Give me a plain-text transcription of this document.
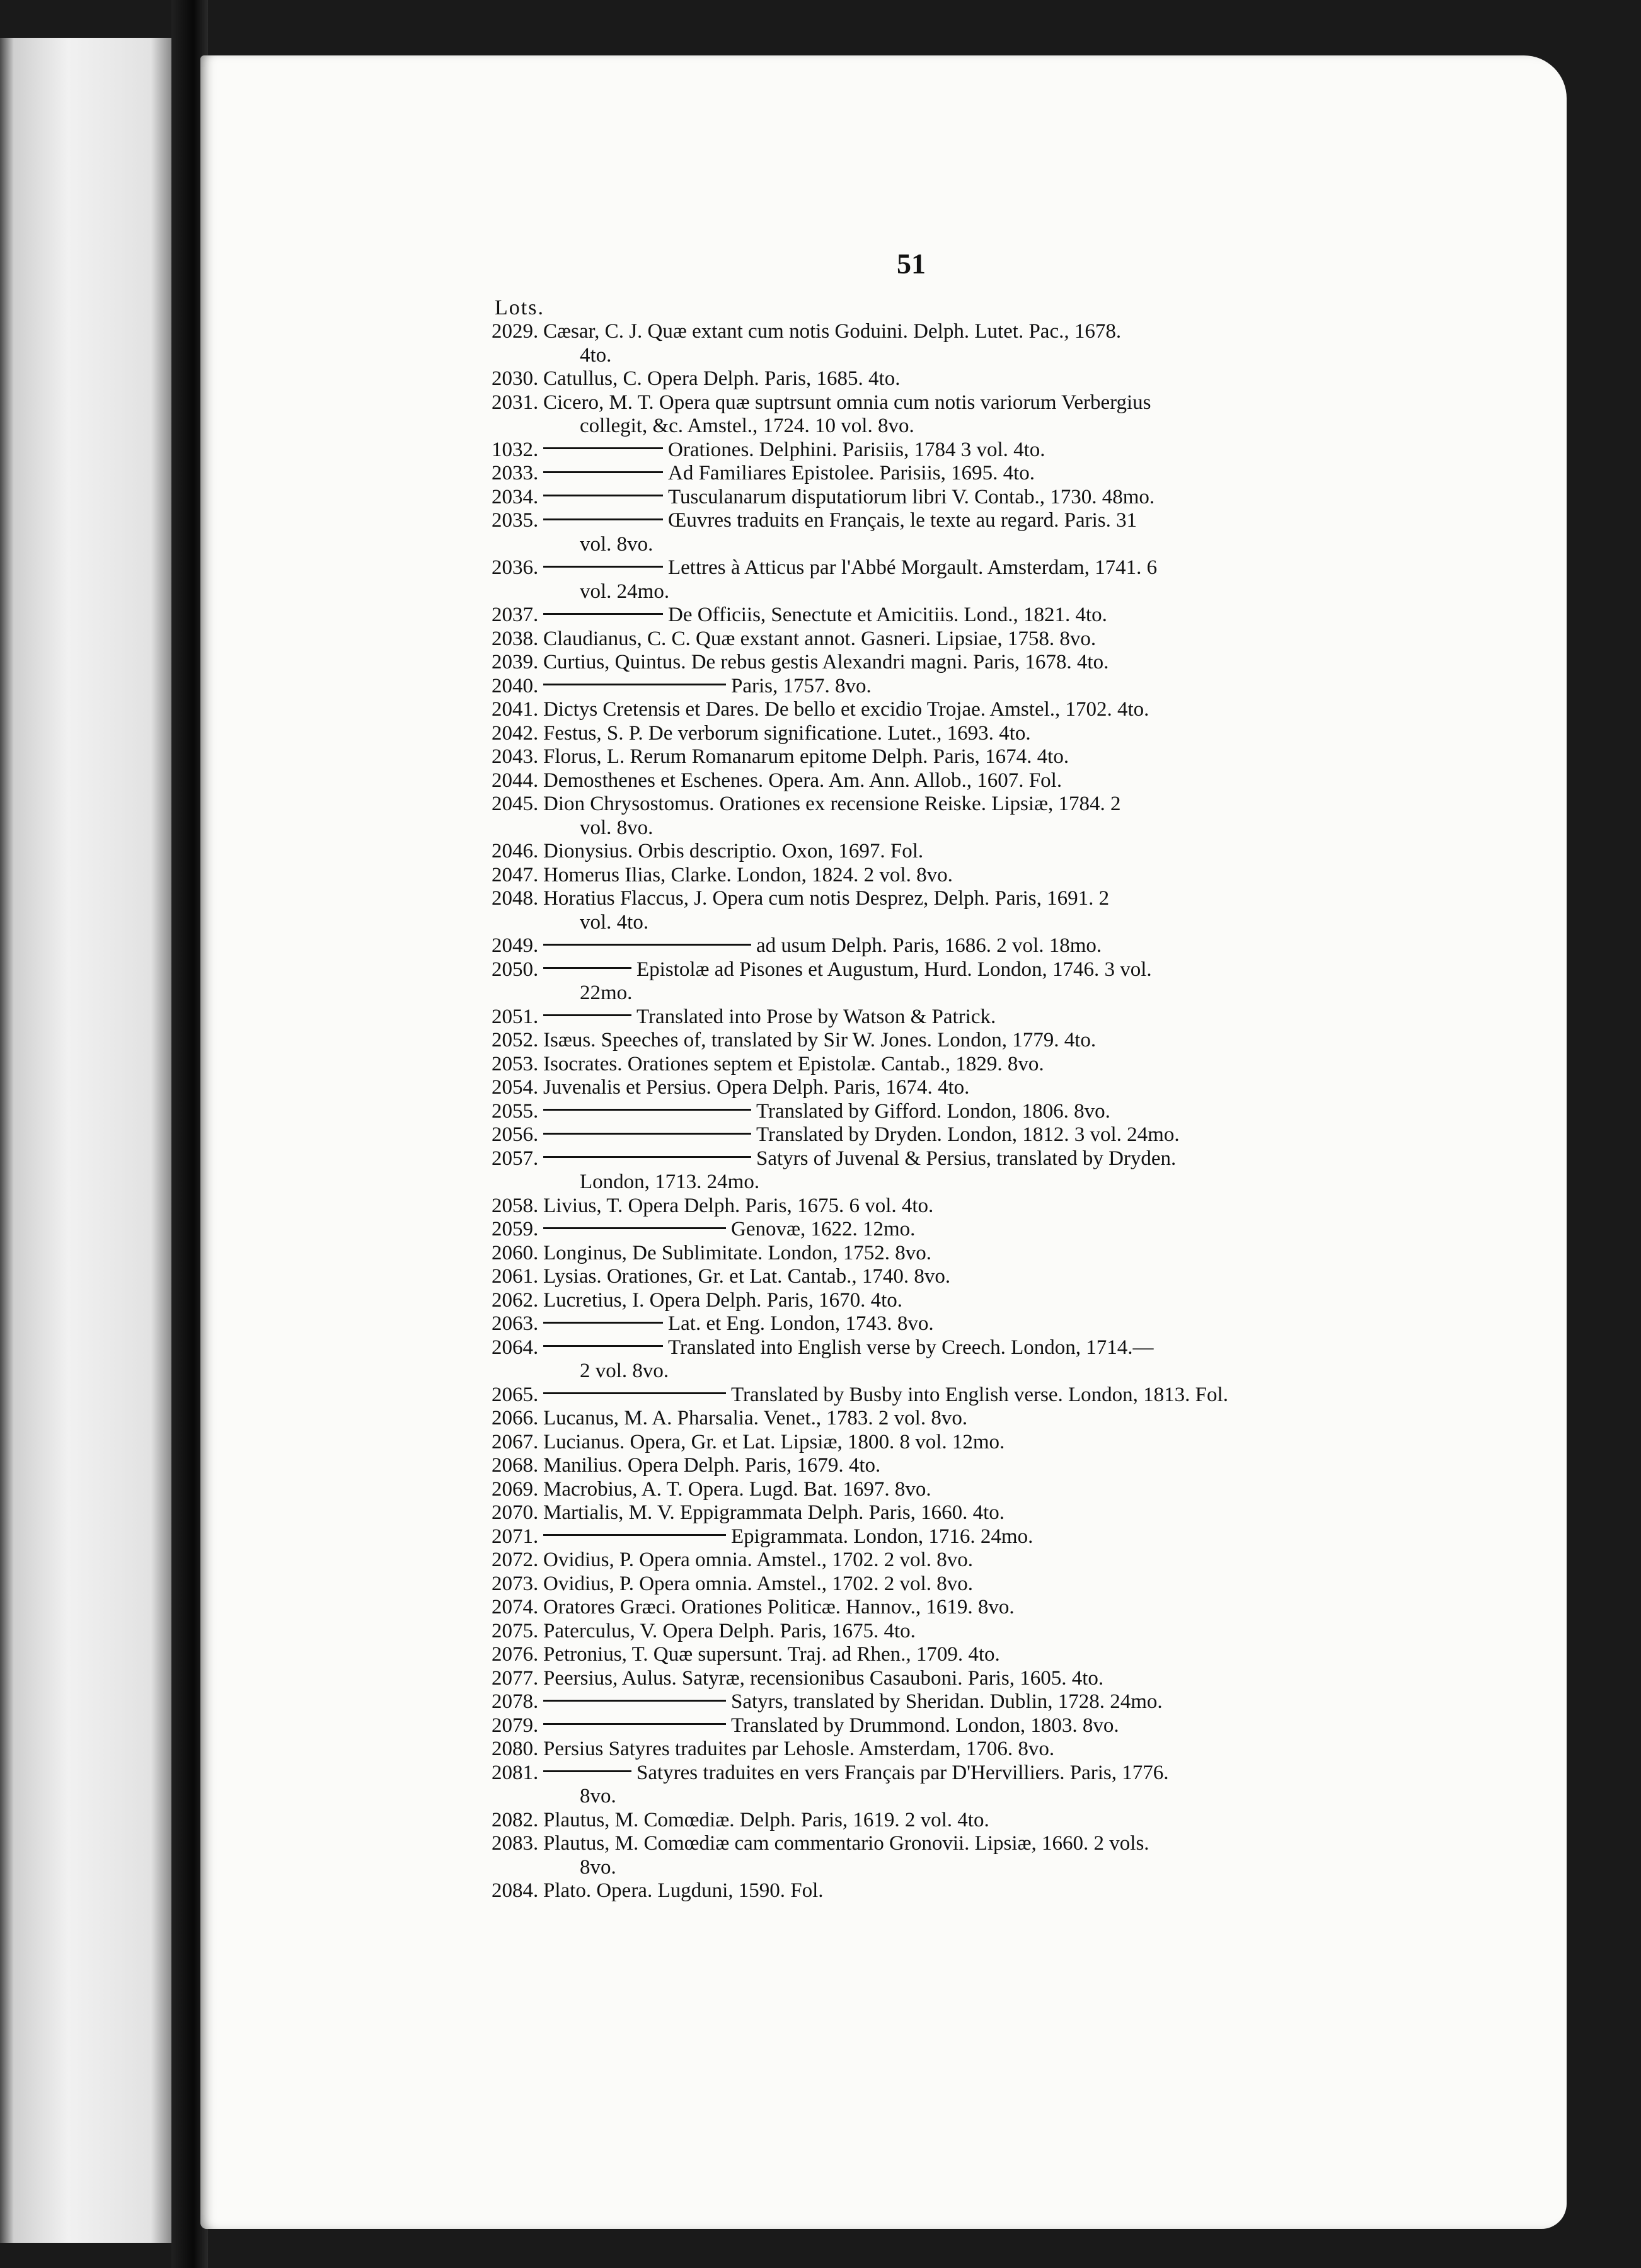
51
Lots.
2029. Cæsar, C. J. Quæ extant cum notis Goduini. Delph. Lutet. Pac., 1678.
4to.
2030. Catullus, C. Opera Delph. Paris, 1685. 4to.
2031. Cicero, M. T. Opera quæ suptrsunt omnia cum notis variorum Verbergius
collegit, &c. Amstel., 1724. 10 vol. 8vo.
1032.	Orationes. Delphini. Parisiis, 1784 3 vol. 4to.
2033.	Ad Familiares Epistolee. Parisiis, 1695. 4to.
2034.	Tusculanarum disputatiorum libri V. Contab., 1730. 48mo.
2035.	Œuvres traduits en Français, le texte au regard. Paris. 31
vol. 8vo.
2036.	Lettres à Atticus par l'Abbé Morgault. Amsterdam, 1741. 6
vol. 24mo.
2037.	De Officiis, Senectute et Amicitiis. Lond., 1821. 4to.
2038. Claudianus, C. C. Quæ exstant annot. Gasneri. Lipsiae, 1758. 8vo.
2039. Curtius, Quintus. De rebus gestis Alexandri magni. Paris, 1678. 4to.
2040.	Paris, 1757. 8vo.
2041. Dictys Cretensis et Dares. De bello et excidio Trojae. Amstel., 1702. 4to.
2042. Festus, S. P. De verborum significatione. Lutet., 1693. 4to.
2043. Florus, L. Rerum Romanarum epitome Delph. Paris, 1674. 4to.
2044. Demosthenes et Eschenes. Opera. Am. Ann. Allob., 1607. Fol.
2045. Dion Chrysostomus. Orationes ex recensione Reiske. Lipsiæ, 1784. 2
vol. 8vo.
2046. Dionysius. Orbis descriptio. Oxon, 1697. Fol.
2047. Homerus Ilias, Clarke. London, 1824. 2 vol. 8vo.
2048. Horatius Flaccus, J. Opera cum notis Desprez, Delph. Paris, 1691. 2
vol. 4to.
2049.	ad usum Delph. Paris, 1686. 2 vol. 18mo.
2050.	Epistolæ ad Pisones et Augustum, Hurd. London, 1746. 3 vol.
22mo.
2051.	Translated into Prose by Watson & Patrick.
2052. Isæus. Speeches of, translated by Sir W. Jones. London, 1779. 4to.
2053. Isocrates. Orationes septem et Epistolæ. Cantab., 1829. 8vo.
2054. Juvenalis et Persius. Opera Delph. Paris, 1674. 4to.
2055.	Translated by Gifford. London, 1806. 8vo.
2056.	Translated by Dryden. London, 1812. 3 vol. 24mo.
2057.	Satyrs of Juvenal & Persius, translated by Dryden.
London, 1713. 24mo.
2058. Livius, T. Opera Delph. Paris, 1675. 6 vol. 4to.
2059.	Genovæ, 1622. 12mo.
2060. Longinus, De Sublimitate. London, 1752. 8vo.
2061. Lysias. Orationes, Gr. et Lat. Cantab., 1740. 8vo.
2062. Lucretius, I. Opera Delph. Paris, 1670. 4to.
2063.	Lat. et Eng. London, 1743. 8vo.
2064.	Translated into English verse by Creech. London, 1714.—
2 vol. 8vo.
2065.	Translated by Busby into English verse. London, 1813. Fol.
2066. Lucanus, M. A. Pharsalia. Venet., 1783. 2 vol. 8vo.
2067. Lucianus. Opera, Gr. et Lat. Lipsiæ, 1800. 8 vol. 12mo.
2068. Manilius. Opera Delph. Paris, 1679. 4to.
2069. Macrobius, A. T. Opera. Lugd. Bat. 1697. 8vo.
2070. Martialis, M. V. Eppigrammata Delph. Paris, 1660. 4to.
2071.	Epigrammata. London, 1716. 24mo.
2072. Ovidius, P. Opera omnia. Amstel., 1702. 2 vol. 8vo.
2073. Ovidius, P. Opera omnia. Amstel., 1702. 2 vol. 8vo.
2074. Oratores Græci. Orationes Politicæ. Hannov., 1619. 8vo.
2075. Paterculus, V. Opera Delph. Paris, 1675. 4to.
2076. Petronius, T. Quæ supersunt. Traj. ad Rhen., 1709. 4to.
2077. Peersius, Aulus. Satyræ, recensionibus Casauboni. Paris, 1605. 4to.
2078.	Satyrs, translated by Sheridan. Dublin, 1728. 24mo.
2079.	Translated by Drummond. London, 1803. 8vo.
2080. Persius Satyres traduites par Lehosle. Amsterdam, 1706. 8vo.
2081.	Satyres traduites en vers Français par D'Hervilliers. Paris, 1776.
8vo.
2082. Plautus, M. Comœdiæ. Delph. Paris, 1619. 2 vol. 4to.
2083. Plautus, M. Comœdiæ cam commentario Gronovii. Lipsiæ, 1660. 2 vols.
8vo.
2084. Plato. Opera. Lugduni, 1590. Fol.
